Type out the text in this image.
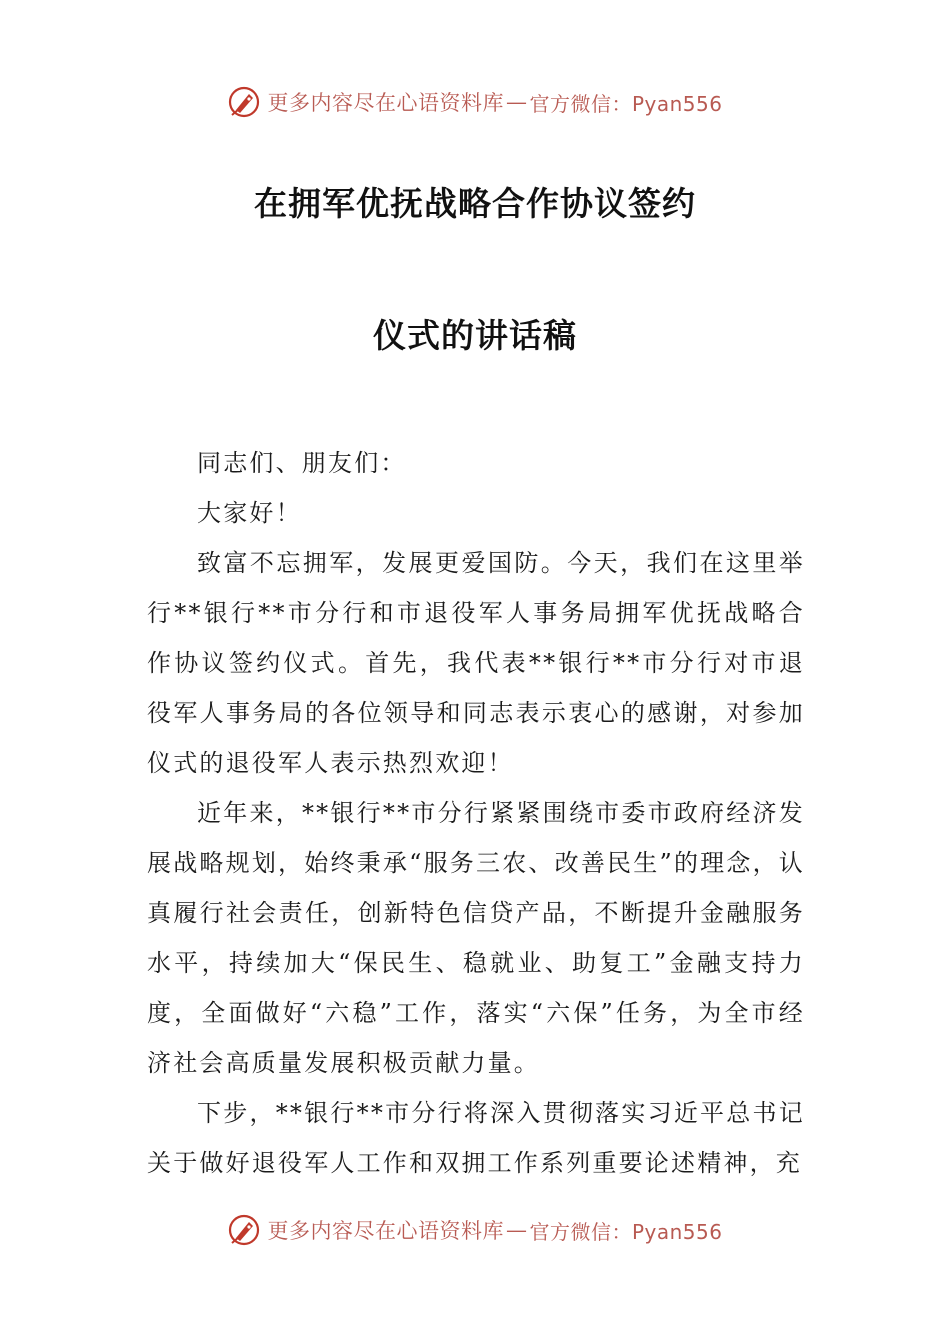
更多内容尽在心语资料库 — 官方微信：Pyan556
在拥军优抚战略合作协议签约
仪式的讲话稿

同志们、朋友们：

大家好！

致富不忘拥军，发展更爱国防。今天，我们在这里举行**银行**市分行和市退役军人事务局拥军优抚战略合作协议签约仪式。首先，我代表**银行**市分行对市退役军人事务局的各位领导和同志表示衷心的感谢，对参加仪式的退役军人表示热烈欢迎！

近年来，**银行**市分行紧紧围绕市委市政府经济发展战略规划，始终秉承“服务三农、改善民生”的理念，认真履行社会责任，创新特色信贷产品，不断提升金融服务水平，持续加大“保民生、稳就业、助复工”金融支持力度，全面做好“六稳”工作，落实“六保”任务，为全市经济社会高质量发展积极贡献力量。

下步，**银行**市分行将深入贯彻落实习近平总书记关于做好退役军人工作和双拥工作系列重要论述精神，充

更多内容尽在心语资料库 — 官方微信：Pyan556
